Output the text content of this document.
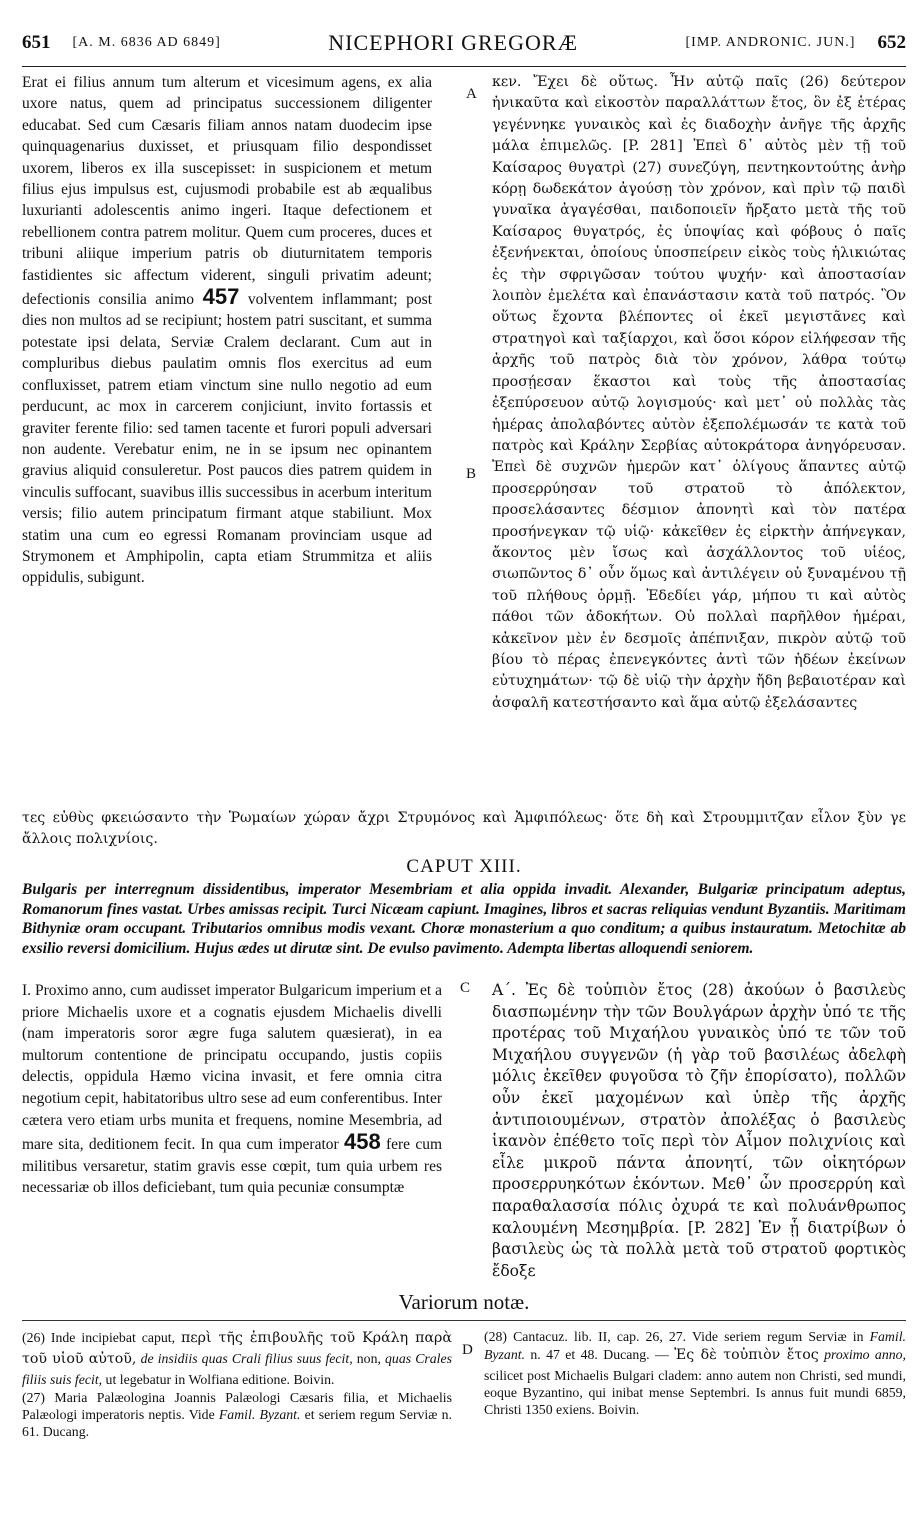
651 [A. M. 6836 AD 6849]	NICEPHORI GREGORÆ	[IMP. ANDRONIC. JUN.] 652

Erat ei filius annum tum alterum et vicesimum agens, ex alia uxore natus, quem ad principatus successionem diligenter educabat. Sed cum Cæsaris filiam annos natam duodecim ipse quinquagenarius duxisset, et priusquam filio despondisset uxorem, liberos ex illa suscepisset: in suspicionem et metum filius ejus impulsus est, cujusmodi probabile est ab æqualibus luxurianti adolescentis animo ingeri. Itaque defectionem et rebellionem contra patrem molitur. Quem cum proceres, duces et tribuni aliique imperium patris ob diuturnitatem temporis fastidientes sic affectum viderent, singuli privatim adeunt; defectionis consilia animo 457 volventem inflammant; post dies non multos ad se recipiunt; hostem patri suscitant, et summa potestate ipsi delata, Serviæ Cralem declarant. Cum aut in compluribus diebus paulatim omnis flos exercitus ad eum confluxisset, patrem etiam vinctum sine nullo negotio ad eum perducunt, ac mox in carcerem conjiciunt, invito fortassis et graviter ferente filio: sed tamen tacente et furori populi adversari non audente. Verebatur enim, ne in se ipsum nec opinantem gravius aliquid consuleretur. Post paucos dies patrem quidem in vinculis suffocant, suavibus illis successibus in acerbum interitum versis; filio autem principatum firmant atque stabiliunt. Mox statim una cum eo egressi Romanam provinciam usque ad Strymonem et Amphipolin, capta etiam Strummitza et aliis oppidulis, subigunt.

A
B

κεν. Ἔχει δὲ οὕτως. Ἦν αὐτῷ παῖς (26) δεύτερον ἠνικαῦτα καὶ εἰκοστὸν παραλλάττων ἔτος, ὃν ἐξ ἑτέρας γεγέννηκε γυναικὸς καὶ ἐς διαδοχὴν ἀνῆγε τῆς ἀρχῆς μάλα ἐπιμελῶς. [P. 281] Ἐπεὶ δ᾽ αὐτὸς μὲν τῇ τοῦ Καίσαρος θυγατρὶ (27) συνεζύγη, πεντηκοντούτης ἀνὴρ κόρῃ δωδεκάτον ἀγούσῃ τὸν χρόνον, καὶ πρὶν τῷ παιδὶ γυναῖκα ἀγαγέσθαι, παιδοποιεῖν ἤρξατο μετὰ τῆς τοῦ Καίσαρος θυγατρός, ἐς ὑποψίας καὶ φόβους ὁ παῖς ἐξενήνεκται, ὁποίους ὑποσπείρειν εἰκὸς τοὺς ἡλικιώτας ἐς τὴν σφριγῶσαν τούτου ψυχήν· καὶ ἀποστασίαν λοιπὸν ἐμελέτα καὶ ἐπανάστασιν κατὰ τοῦ πατρός. Ὃν οὕτως ἔχοντα βλέποντες οἱ ἐκεῖ μεγιστᾶνες καὶ στρατηγοὶ καὶ ταξίαρχοι, καὶ ὅσοι κόρον εἰλήφεσαν τῆς ἀρχῆς τοῦ πατρὸς διὰ τὸν χρόνον, λάθρα τούτῳ προσῄεσαν ἕκαστοι καὶ τοὺς τῆς ἀποστασίας ἐξεπύρσευον αὐτῷ λογισμούς· καὶ μετ᾽ οὐ πολλὰς τὰς ἡμέρας ἀπολαβόντες αὐτὸν ἐξεπολέμωσάν τε κατὰ τοῦ πατρὸς καὶ Κράλην Σερβίας αὐτοκράτορα ἀνηγόρευσαν. Ἐπεὶ δὲ συχνῶν ἡμερῶν κατ᾽ ὀλίγους ἅπαντες αὐτῷ προσερρύησαν τοῦ στρατοῦ τὸ ἀπόλεκτον, προσελάσαντες δέσμιον ἀπονητὶ καὶ τὸν πατέρα προσήνεγκαν τῷ υἱῷ· κἀκεῖθεν ἐς εἱρκτὴν ἀπήνεγκαν, ἄκοντος μὲν ἴσως καὶ ἀσχάλλοντος τοῦ υἱέος, σιωπῶντος δ᾽ οὖν ὅμως καὶ ἀντιλέγειν οὐ ξυναμένου τῇ τοῦ πλήθους ὁρμῇ. Ἐδεδίει γάρ, μήπου τι καὶ αὐτὸς πάθοι τῶν ἀδοκήτων. Οὐ πολλαὶ παρῆλθον ἡμέραι, κἀκεῖνον μὲν ἐν δεσμοῖς ἀπέπνιξαν, πικρὸν αὐτῷ τοῦ βίου τὸ πέρας ἐπενεγκόντες ἀντὶ τῶν ἡδέων ἐκείνων εὐτυχημάτων· τῷ δὲ υἱῷ τὴν ἀρχὴν ἤδη βεβαιοτέραν καὶ ἀσφαλῆ κατεστήσαντο καὶ ἅμα αὐτῷ ἐξελάσαντες

τες εὐθὺς φκειώσαντο τὴν Ῥωμαίων χώραν ἄχρι Στρυμόνος καὶ Ἀμφιπόλεως· ὅτε δὴ καὶ Στρουμμιτζαν εἶλον ξὺν γε ἄλλοις πολιχνίοις.
CAPUT XIII.
Bulgaris per interregnum dissidentibus, imperator Mesembriam et alia oppida invadit. Alexander, Bulgariæ principatum adeptus, Romanorum fines vastat. Urbes amissas recipit. Turci Nicæam capiunt. Imagines, libros et sacras reliquias vendunt Byzantiis. Maritimam Bithyniæ oram occupant. Tributarios omnibus modis vexant. Choræ monasterium a quo conditum; a quibus instauratum. Metochitæ ab exsilio reversi domicilium. Hujus ædes ut dirutæ sint. De evulso pavimento. Adempta libertas alloquendi seniorem.

I. Proximo anno, cum audisset imperator Bulgaricum imperium et a priore Michaelis uxore et a cognatis ejusdem Michaelis divelli (nam imperatoris soror ægre fuga salutem quæsierat), in ea multorum contentione de principatu occupando, justis copiis delectis, oppidula Hæmo vicina invasit, et fere omnia citra negotium cepit, habitatoribus ultro sese ad eum conferentibus. Inter cætera vero etiam urbs munita et frequens, nomine Mesembria, ad mare sita, deditionem fecit. In qua cum imperator 458 fere cum militibus versaretur, statim gravis esse cœpit, tum quia urbem res necessariæ ob illos deficiebant, tum quia pecuniæ consumptæ

C Α΄. Ἐς δὲ τοὐπιὸν ἔτος (28) ἀκούων ὁ βασιλεὺς διασπωμένην τὴν τῶν Βουλγάρων ἀρχὴν ὑπό τε τῆς προτέρας τοῦ Μιχαήλου γυναικὸς ὑπό τε τῶν τοῦ Μιχαήλου συγγενῶν (ἡ γὰρ τοῦ βασιλέως ἀδελφὴ μόλις ἐκεῖθεν φυγοῦσα τὸ ζῆν ἐπορίσατο), πολλῶν οὖν ἐκεῖ μαχομένων καὶ ὑπὲρ τῆς ἀρχῆς ἀντιποιουμένων, στρατὸν ἀπολέξας ὁ βασιλεὺς ἱκανὸν ἐπέθετο τοῖς περὶ τὸν Αἷμον πολιχνίοις καὶ εἷλε μικροῦ πάντα ἀπονητί, τῶν οἰκητόρων προσερρυηκότων ἑκόντων. Μεθ᾽ ὧν προσερρύη καὶ παραθαλασσία πόλις ὀχυρά τε καὶ πολυάνθρωπος καλουμένη Μεσημβρία. [P. 282] Ἐν ᾗ διατρίβων ὁ βασιλεὺς ὡς τὰ πολλὰ μετὰ τοῦ στρατοῦ φορτικὸς ἔδοξε

Variorum notæ.
D

(26) Inde incipiebat caput, περὶ τῆς ἐπιβουλῆς τοῦ Κράλη παρὰ τοῦ υἱοῦ αὐτοῦ, de insidiis quas Crali filius suus fecit, non, quas Crales filiis suis fecit, ut legebatur in Wolfiana editione. Boivin.

(27) Maria Palæologina Joannis Palæologi Cæsaris filia, et Michaelis Palæologi imperatoris neptis. Vide Famil. Byzant. et seriem regum Serviæ n. 61. Ducang.

(28) Cantacuz. lib. II, cap. 26, 27. Vide seriem regum Serviæ in Famil. Byzant. n. 47 et 48. Ducang. — Ἐς δὲ τοὐπιὸν ἔτος proximo anno, scilicet post Michaelis Bulgari cladem: anno autem non Christi, sed mundi, eoque Byzantino, qui inibat mense Septembri. Is annus fuit mundi 6859, Christi 1350 exiens. Boivin.
